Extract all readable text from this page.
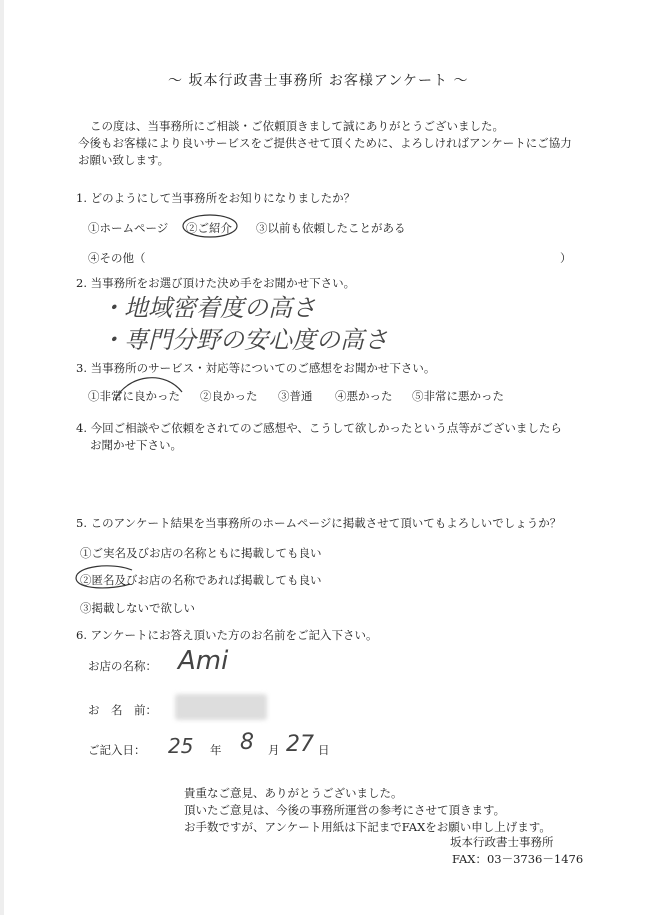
〜 坂本行政書士事務所 お客様アンケート 〜
この度は、当事務所にご相談・ご依頼頂きまして誠にありがとうございました。
今後もお客様により良いサービスをご提供させて頂くために、よろしければアンケートにご協力
お願い致します。
1. どのようにして当事務所をお知りになりましたか？
①ホームページ ②ご紹介 ③以前も依頼したことがある
④その他（	）
2. 当事務所をお選び頂けた決め手をお聞かせ下さい。
・地域密着度の高さ
・専門分野の安心度の高さ
3. 当事務所のサービス・対応等についてのご感想をお聞かせ下さい。
①非常に良かった ②良かった ③普通 ④悪かった ⑤非常に悪かった
4. 今回ご相談やご依頼をされてのご感想や、こうして欲しかったという点等がございましたら
お聞かせ下さい。
5. このアンケート結果を当事務所のホームページに掲載させて頂いてもよろしいでしょうか？
①ご実名及びお店の名称ともに掲載しても良い
②匿名及びお店の名称であれば掲載しても良い
③掲載しないで欲しい
6. アンケートにお答え頂いた方のお名前をご記入下さい。
お店の名称： Ami
お　名　前：
ご記入日： 25 年 8 月 27 日
貴重なご意見、ありがとうございました。
頂いたご意見は、今後の事務所運営の参考にさせて頂きます。
お手数ですが、アンケート用紙は下記までFAXをお願い申し上げます。
坂本行政書士事務所
FAX：03－3736－1476
